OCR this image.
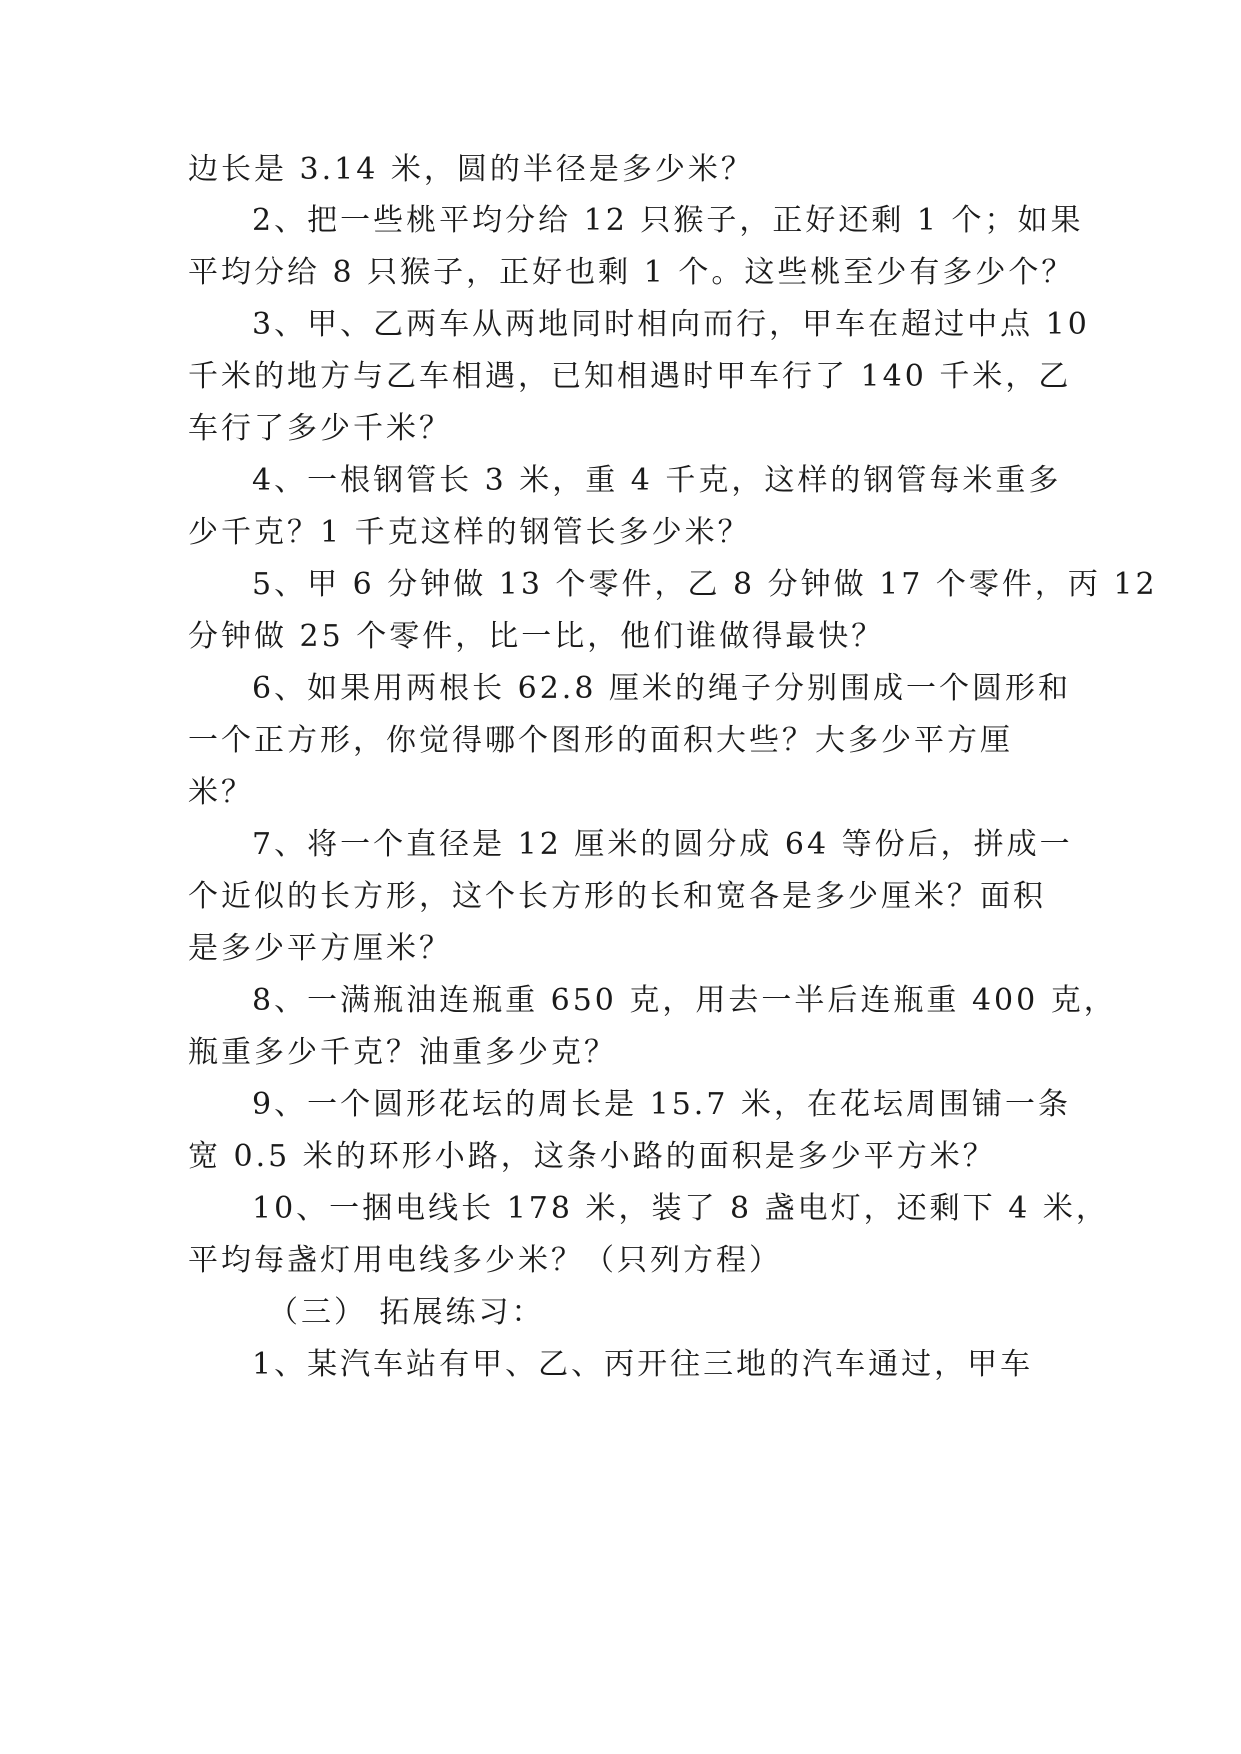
边长是 3.14 米，圆的半径是多少米？

2、把一些桃平均分给 12 只猴子，正好还剩 1 个；如果

平均分给 8 只猴子，正好也剩 1 个。这些桃至少有多少个？

3、甲、乙两车从两地同时相向而行，甲车在超过中点 10

千米的地方与乙车相遇，已知相遇时甲车行了 140 千米，乙

车行了多少千米？

4、一根钢管长 3 米，重 4 千克，这样的钢管每米重多

少千克？1 千克这样的钢管长多少米？

5、甲 6 分钟做 13 个零件，乙 8 分钟做 17 个零件，丙 12

分钟做 25 个零件，比一比，他们谁做得最快？

6、如果用两根长 62.8 厘米的绳子分别围成一个圆形和

一个正方形，你觉得哪个图形的面积大些？大多少平方厘

米？

7、将一个直径是 12 厘米的圆分成 64 等份后，拼成一

个近似的长方形，这个长方形的长和宽各是多少厘米？面积

是多少平方厘米？

8、一满瓶油连瓶重 650 克，用去一半后连瓶重 400 克，

瓶重多少千克？油重多少克？

9、一个圆形花坛的周长是 15.7 米，在花坛周围铺一条

宽 0.5 米的环形小路，这条小路的面积是多少平方米？

10、一捆电线长 178 米，装了 8 盏电灯，还剩下 4 米，

平均每盏灯用电线多少米？（只列方程）

（三） 拓展练习：

1、某汽车站有甲、乙、丙开往三地的汽车通过，甲车
